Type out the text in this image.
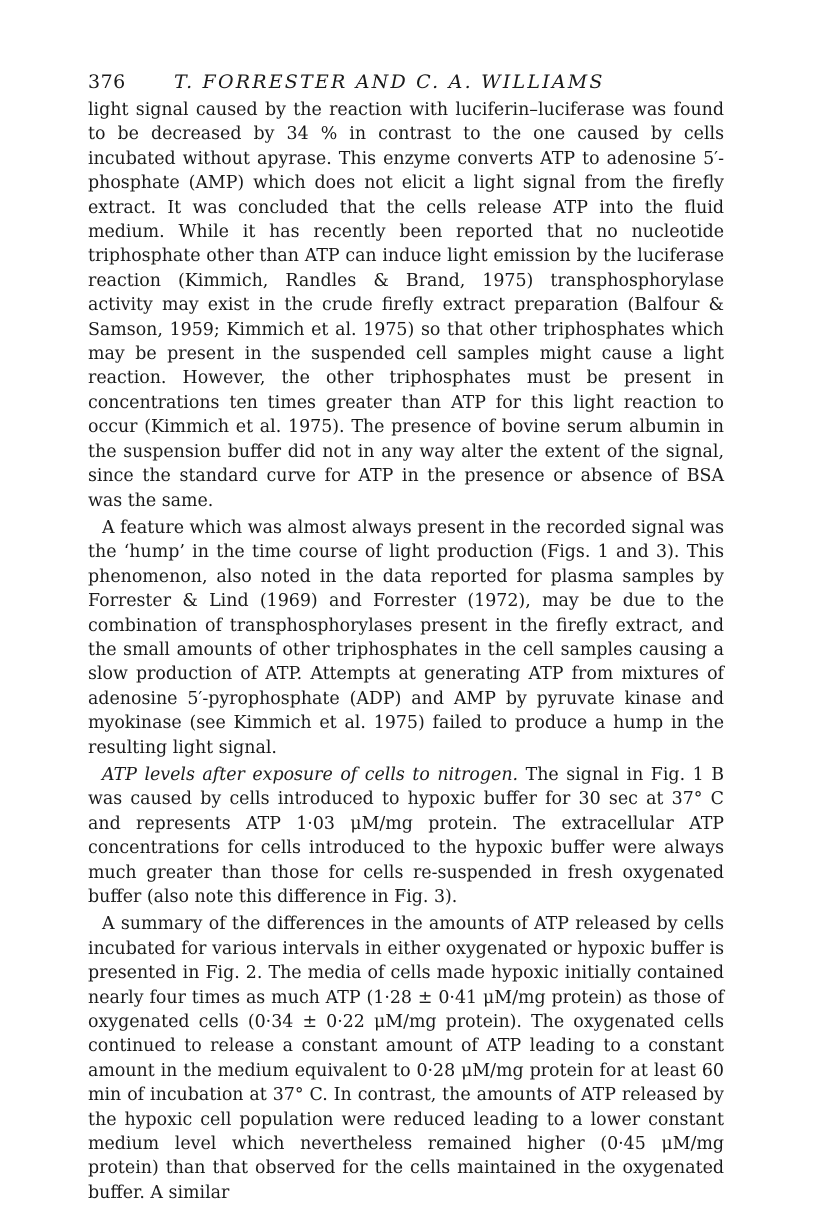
376	T. FORRESTER AND C. A. WILLIAMS

light signal caused by the reaction with luciferin–luciferase was found to be decreased by 34 % in contrast to the one caused by cells incubated without apyrase. This enzyme converts ATP to adenosine 5′-phosphate (AMP) which does not elicit a light signal from the firefly extract. It was concluded that the cells release ATP into the fluid medium. While it has recently been reported that no nucleotide triphosphate other than ATP can induce light emission by the luciferase reaction (Kimmich, Randles & Brand, 1975) transphosphorylase activity may exist in the crude firefly extract preparation (Balfour & Samson, 1959; Kimmich et al. 1975) so that other triphosphates which may be present in the suspended cell samples might cause a light reaction. However, the other triphosphates must be present in concentrations ten times greater than ATP for this light reaction to occur (Kimmich et al. 1975). The presence of bovine serum albumin in the suspension buffer did not in any way alter the extent of the signal, since the standard curve for ATP in the presence or absence of BSA was the same.

A feature which was almost always present in the recorded signal was the ‘hump’ in the time course of light production (Figs. 1 and 3). This phenomenon, also noted in the data reported for plasma samples by Forrester & Lind (1969) and Forrester (1972), may be due to the combination of transphosphorylases present in the firefly extract, and the small amounts of other triphosphates in the cell samples causing a slow production of ATP. Attempts at generating ATP from mixtures of adenosine 5′-pyrophosphate (ADP) and AMP by pyruvate kinase and myokinase (see Kimmich et al. 1975) failed to produce a hump in the resulting light signal.

ATP levels after exposure of cells to nitrogen. The signal in Fig. 1 B was caused by cells introduced to hypoxic buffer for 30 sec at 37° C and represents ATP 1·03 μM/mg protein. The extracellular ATP concentrations for cells introduced to the hypoxic buffer were always much greater than those for cells re-suspended in fresh oxygenated buffer (also note this difference in Fig. 3).

A summary of the differences in the amounts of ATP released by cells incubated for various intervals in either oxygenated or hypoxic buffer is presented in Fig. 2. The media of cells made hypoxic initially contained nearly four times as much ATP (1·28 ± 0·41 μM/mg protein) as those of oxygenated cells (0·34 ± 0·22 μM/mg protein). The oxygenated cells continued to release a constant amount of ATP leading to a constant amount in the medium equivalent to 0·28 μM/mg protein for at least 60 min of incubation at 37° C. In contrast, the amounts of ATP released by the hypoxic cell population were reduced leading to a lower constant medium level which nevertheless remained higher (0·45 μM/mg protein) than that observed for the cells maintained in the oxygenated buffer. A similar
